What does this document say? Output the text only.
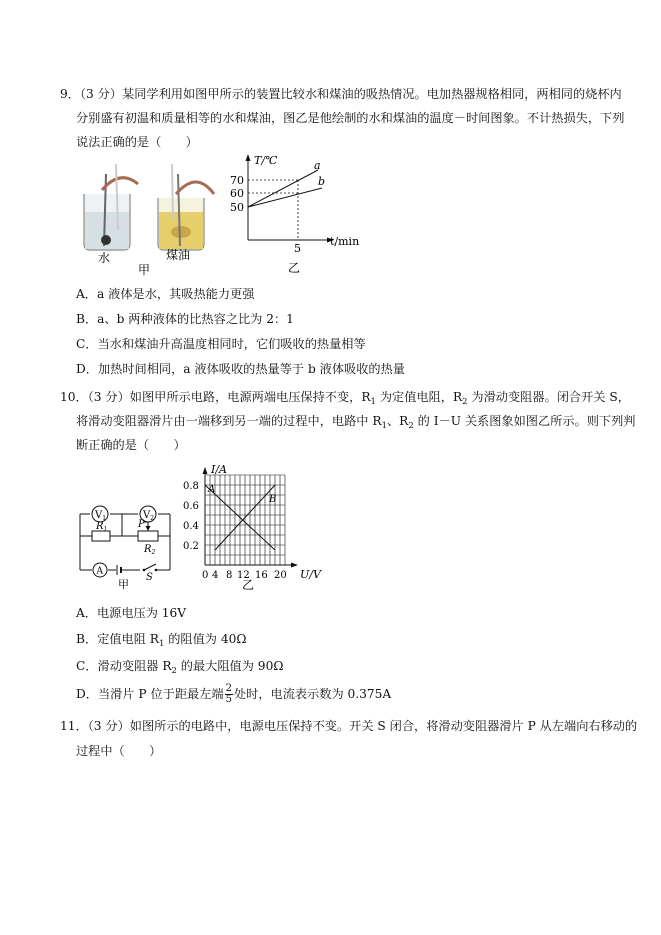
9．（3 分）某同学利用如图甲所示的装置比较水和煤油的吸热情况。电加热器规格相同，两相同的烧杯内
分别盛有初温和质量相等的水和煤油，图乙是他绘制的水和煤油的温度－时间图象。不计热损失，下列
说法正确的是（　　）
水	煤油
甲
T/℃
t/min
70
60
50
a
b
5
乙
A．a 液体是水，其吸热能力更强
B．a、b 两种液体的比热容之比为 2：1
C．当水和煤油升高温度相同时，它们吸收的热量相等
D．加热时间相同，a 液体吸收的热量等于 b 液体吸收的热量
10．（3 分）如图甲所示电路，电源两端电压保持不变，$R_1$ 为定值电阻，$R_2$ 为滑动变阻器。闭合开关 S，
将滑动变阻器滑片由一端移到另一端的过程中，电路中 $R_1$、$R_2$ 的 I－U 关系图象如图乙所示。则下列判
断正确的是（　　）
$V_1$	$V_2$
$R_1$	P
$R_2$
A
S
甲
I/A
U/V
0.8
0.6
0.4
0.2
0 4 8 12 16 20
A
B
乙
A．电源电压为 16V
B．定值电阻 $R_1$ 的阻值为 40Ω
C．滑动变阻器 $R_2$ 的最大阻值为 90Ω
D．当滑片 P 位于距最左端 $\frac{2}{5}$ 处时，电流表示数为 0.375A
11．（3 分）如图所示的电路中，电源电压保持不变。开关 S 闭合，将滑动变阻器滑片 P 从左端向右移动的
过程中（　　）
